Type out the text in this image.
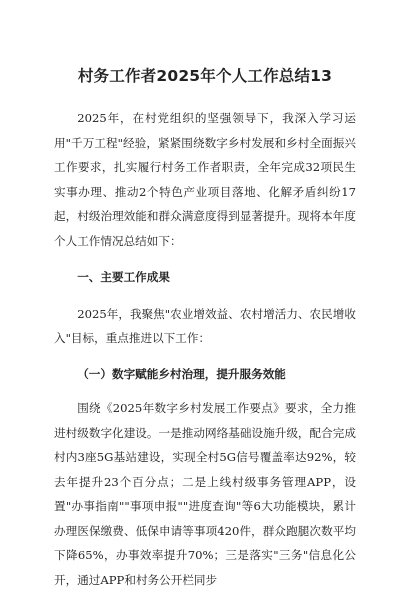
村务工作者2025年个人工作总结13

2025年，在村党组织的坚强领导下，我深入学习运用"千万工程"经验，紧紧围绕数字乡村发展和乡村全面振兴工作要求，扎实履行村务工作者职责，全年完成32项民生实事办理、推动2个特色产业项目落地、化解矛盾纠纷17起，村级治理效能和群众满意度得到显著提升。现将本年度个人工作情况总结如下：

一、主要工作成果

2025年，我聚焦"农业增效益、农村增活力、农民增收入"目标，重点推进以下工作：

（一）数字赋能乡村治理，提升服务效能

围绕《2025年数字乡村发展工作要点》要求，全力推进村级数字化建设。一是推动网络基础设施升级，配合完成村内3座5G基站建设，实现全村5G信号覆盖率达92%，较去年提升23个百分点；二是上线村级事务管理APP，设置"办事指南""事项申报""进度查询"等6大功能模块，累计办理医保缴费、低保申请等事项420件，群众跑腿次数平均下降65%，办事效率提升70%；三是落实"三务"信息化公开，通过APP和村务公开栏同步
